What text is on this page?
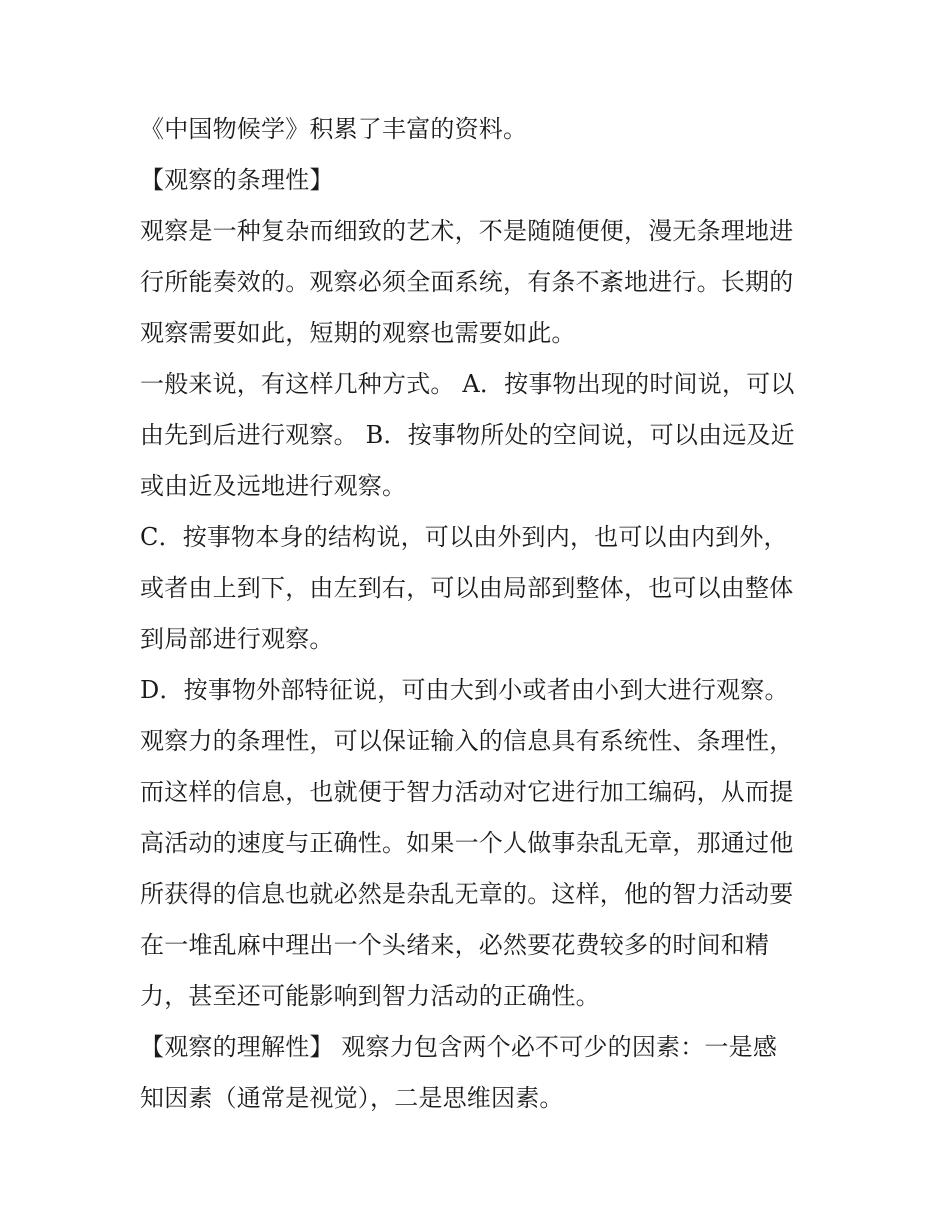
《中国物候学》积累了丰富的资料。
【观察的条理性】
观察是一种复杂而细致的艺术，不是随随便便，漫无条理地进
行所能奏效的。观察必须全面系统，有条不紊地进行。长期的
观察需要如此，短期的观察也需要如此。
一般来说，有这样几种方式。 A．按事物出现的时间说，可以
由先到后进行观察。 B．按事物所处的空间说，可以由远及近
或由近及远地进行观察。
C．按事物本身的结构说，可以由外到内，也可以由内到外，
或者由上到下，由左到右，可以由局部到整体，也可以由整体
到局部进行观察。
D．按事物外部特征说，可由大到小或者由小到大进行观察。
观察力的条理性，可以保证输入的信息具有系统性、条理性，
而这样的信息，也就便于智力活动对它进行加工编码，从而提
高活动的速度与正确性。如果一个人做事杂乱无章，那通过他
所获得的信息也就必然是杂乱无章的。这样，他的智力活动要
在一堆乱麻中理出一个头绪来，必然要花费较多的时间和精
力，甚至还可能影响到智力活动的正确性。
【观察的理解性】 观察力包含两个必不可少的因素：一是感
知因素（通常是视觉），二是思维因素。
